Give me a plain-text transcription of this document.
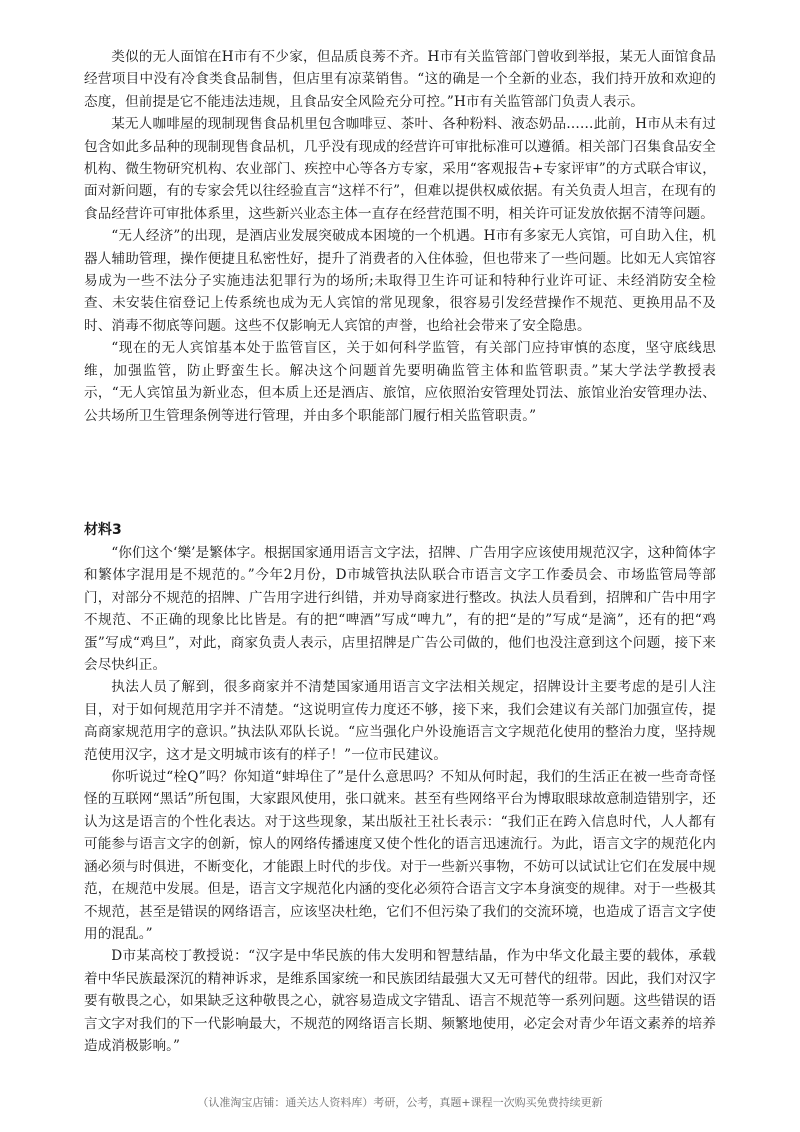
类似的无人面馆在H市有不少家，但品质良莠不齐。H市有关监管部门曾收到举报，某无人面馆食品经营项目中没有冷食类食品制售，但店里有凉菜销售。“这的确是一个全新的业态，我们持开放和欢迎的态度，但前提是它不能违法违规，且食品安全风险充分可控。”H市有关监管部门负责人表示。

某无人咖啡屋的现制现售食品机里包含咖啡豆、茶叶、各种粉料、液态奶品……此前，H市从未有过包含如此多品种的现制现售食品机，几乎没有现成的经营许可审批标准可以遵循。相关部门召集食品安全机构、微生物研究机构、农业部门、疾控中心等各方专家，采用“客观报告+专家评审”的方式联合审议，面对新问题，有的专家会凭以往经验直言“这样不行”，但难以提供权威依据。有关负责人坦言，在现有的食品经营许可审批体系里，这些新兴业态主体一直存在经营范围不明，相关许可证发放依据不清等问题。

“无人经济”的出现，是酒店业发展突破成本困境的一个机遇。H市有多家无人宾馆，可自助入住，机器人辅助管理，操作便捷且私密性好，提升了消费者的入住体验，但也带来了一些问题。比如无人宾馆容易成为一些不法分子实施违法犯罪行为的场所;未取得卫生许可证和特种行业许可证、未经消防安全检查、未安装住宿登记上传系统也成为无人宾馆的常见现象，很容易引发经营操作不规范、更换用品不及时、消毒不彻底等问题。这些不仅影响无人宾馆的声誉，也给社会带来了安全隐患。

“现在的无人宾馆基本处于监管盲区，关于如何科学监管，有关部门应持审慎的态度，坚守底线思维，加强监管，防止野蛮生长。解决这个问题首先要明确监管主体和监管职责。”某大学法学教授表示，“无人宾馆虽为新业态，但本质上还是酒店、旅馆，应依照治安管理处罚法、旅馆业治安管理办法、公共场所卫生管理条例等进行管理，并由多个职能部门履行相关监管职责。”

材料3

“你们这个‘樂’是繁体字。根据国家通用语言文字法，招牌、广告用字应该使用规范汉字，这种简体字和繁体字混用是不规范的。”今年2月份，D市城管执法队联合市语言文字工作委员会、市场监管局等部门，对部分不规范的招牌、广告用字进行纠错，并劝导商家进行整改。执法人员看到，招牌和广告中用字不规范、不正确的现象比比皆是。有的把“啤酒”写成“啤九”，有的把“是的”写成“是滴”，还有的把“鸡蛋”写成“鸡旦”，对此，商家负责人表示，店里招牌是广告公司做的，他们也没注意到这个问题，接下来会尽快纠正。

执法人员了解到，很多商家并不清楚国家通用语言文字法相关规定，招牌设计主要考虑的是引人注目，对于如何规范用字并不清楚。“这说明宣传力度还不够，接下来，我们会建议有关部门加强宣传，提高商家规范用字的意识。”执法队邓队长说。“应当强化户外设施语言文字规范化使用的整治力度，坚持规范使用汉字，这才是文明城市该有的样子！”一位市民建议。

你听说过“栓Q”吗？你知道“蚌埠住了”是什么意思吗？不知从何时起，我们的生活正在被一些奇奇怪怪的互联网“黑话”所包围，大家跟风使用，张口就来。甚至有些网络平台为博取眼球故意制造错别字，还认为这是语言的个性化表达。对于这些现象，某出版社王社长表示：“我们正在跨入信息时代，人人都有可能参与语言文字的创新，惊人的网络传播速度又使个性化的语言迅速流行。为此，语言文字的规范化内涵必须与时俱进，不断变化，才能跟上时代的步伐。对于一些新兴事物，不妨可以试试让它们在发展中规范，在规范中发展。但是，语言文字规范化内涵的变化必须符合语言文字本身演变的规律。对于一些极其不规范，甚至是错误的网络语言，应该坚决杜绝，它们不但污染了我们的交流环境，也造成了语言文字使用的混乱。”

D市某高校丁教授说：“汉字是中华民族的伟大发明和智慧结晶，作为中华文化最主要的载体，承载着中华民族最深沉的精神诉求，是维系国家统一和民族团结最强大又无可替代的纽带。因此，我们对汉字要有敬畏之心，如果缺乏这种敬畏之心，就容易造成文字错乱、语言不规范等一系列问题。这些错误的语言文字对我们的下一代影响最大，不规范的网络语言长期、频繁地使用，必定会对青少年语文素养的培养造成消极影响。”

（认准淘宝店铺：通关达人资料库）考研，公考，真题+课程一次购买免费持续更新
